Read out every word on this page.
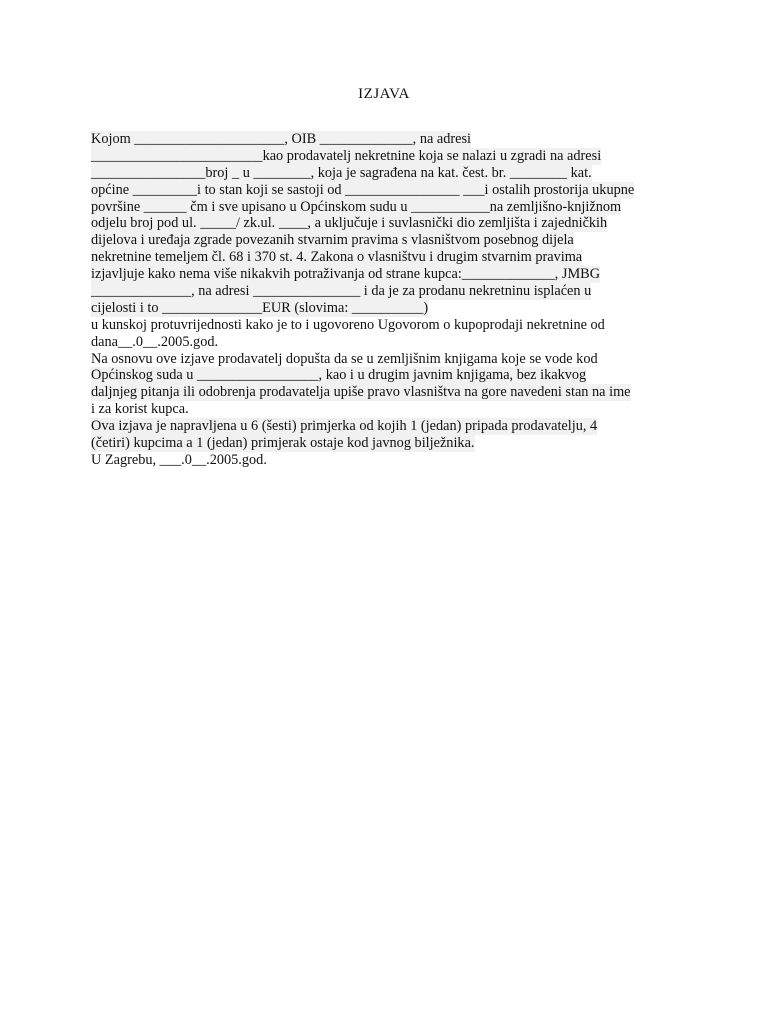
IZJAVA
Kojom _____________________, OIB _____________, na adresi
________________________kao prodavatelj nekretnine koja se nalazi u zgradi na adresi
________________broj _ u ________, koja je sagrađena na kat. čest. br. ________ kat.
općine _________i to stan koji se sastoji od ________________ ___i ostalih prostorija ukupne
površine ______ čm i sve upisano u Općinskom sudu u ___________na zemljišno-knjižnom
odjelu broj pod ul. _____/ zk.ul. ____, a uključuje i suvlasnički dio zemljišta i zajedničkih
dijelova i uređaja zgrade povezanih stvarnim pravima s vlasništvom posebnog dijela
nekretnine temeljem čl. 68 i 370 st. 4. Zakona o vlasništvu i drugim stvarnim pravima
izjavljuje kako nema više nikakvih potraživanja od strane kupca:_____________, JMBG
______________, na adresi _______________ i da je za prodanu nekretninu isplaćen u
cijelosti i to ______________EUR (slovima: __________)
u kunskoj protuvrijednosti kako je to i ugovoreno Ugovorom o kupoprodaji nekretnine od
dana__.0__.2005.god.
Na osnovu ove izjave prodavatelj dopušta da se u zemljišnim knjigama koje se vode kod
Općinskog suda u _________________, kao i u drugim javnim knjigama, bez ikakvog
daljnjeg pitanja ili odobrenja prodavatelja upiše pravo vlasništva na gore navedeni stan na ime
i za korist kupca.
Ova izjava je napravljena u 6 (šesti) primjerka od kojih 1 (jedan) pripada prodavatelju, 4
(četiri) kupcima a 1 (jedan) primjerak ostaje kod javnog bilježnika.
U Zagrebu, ___.0__.2005.god.
